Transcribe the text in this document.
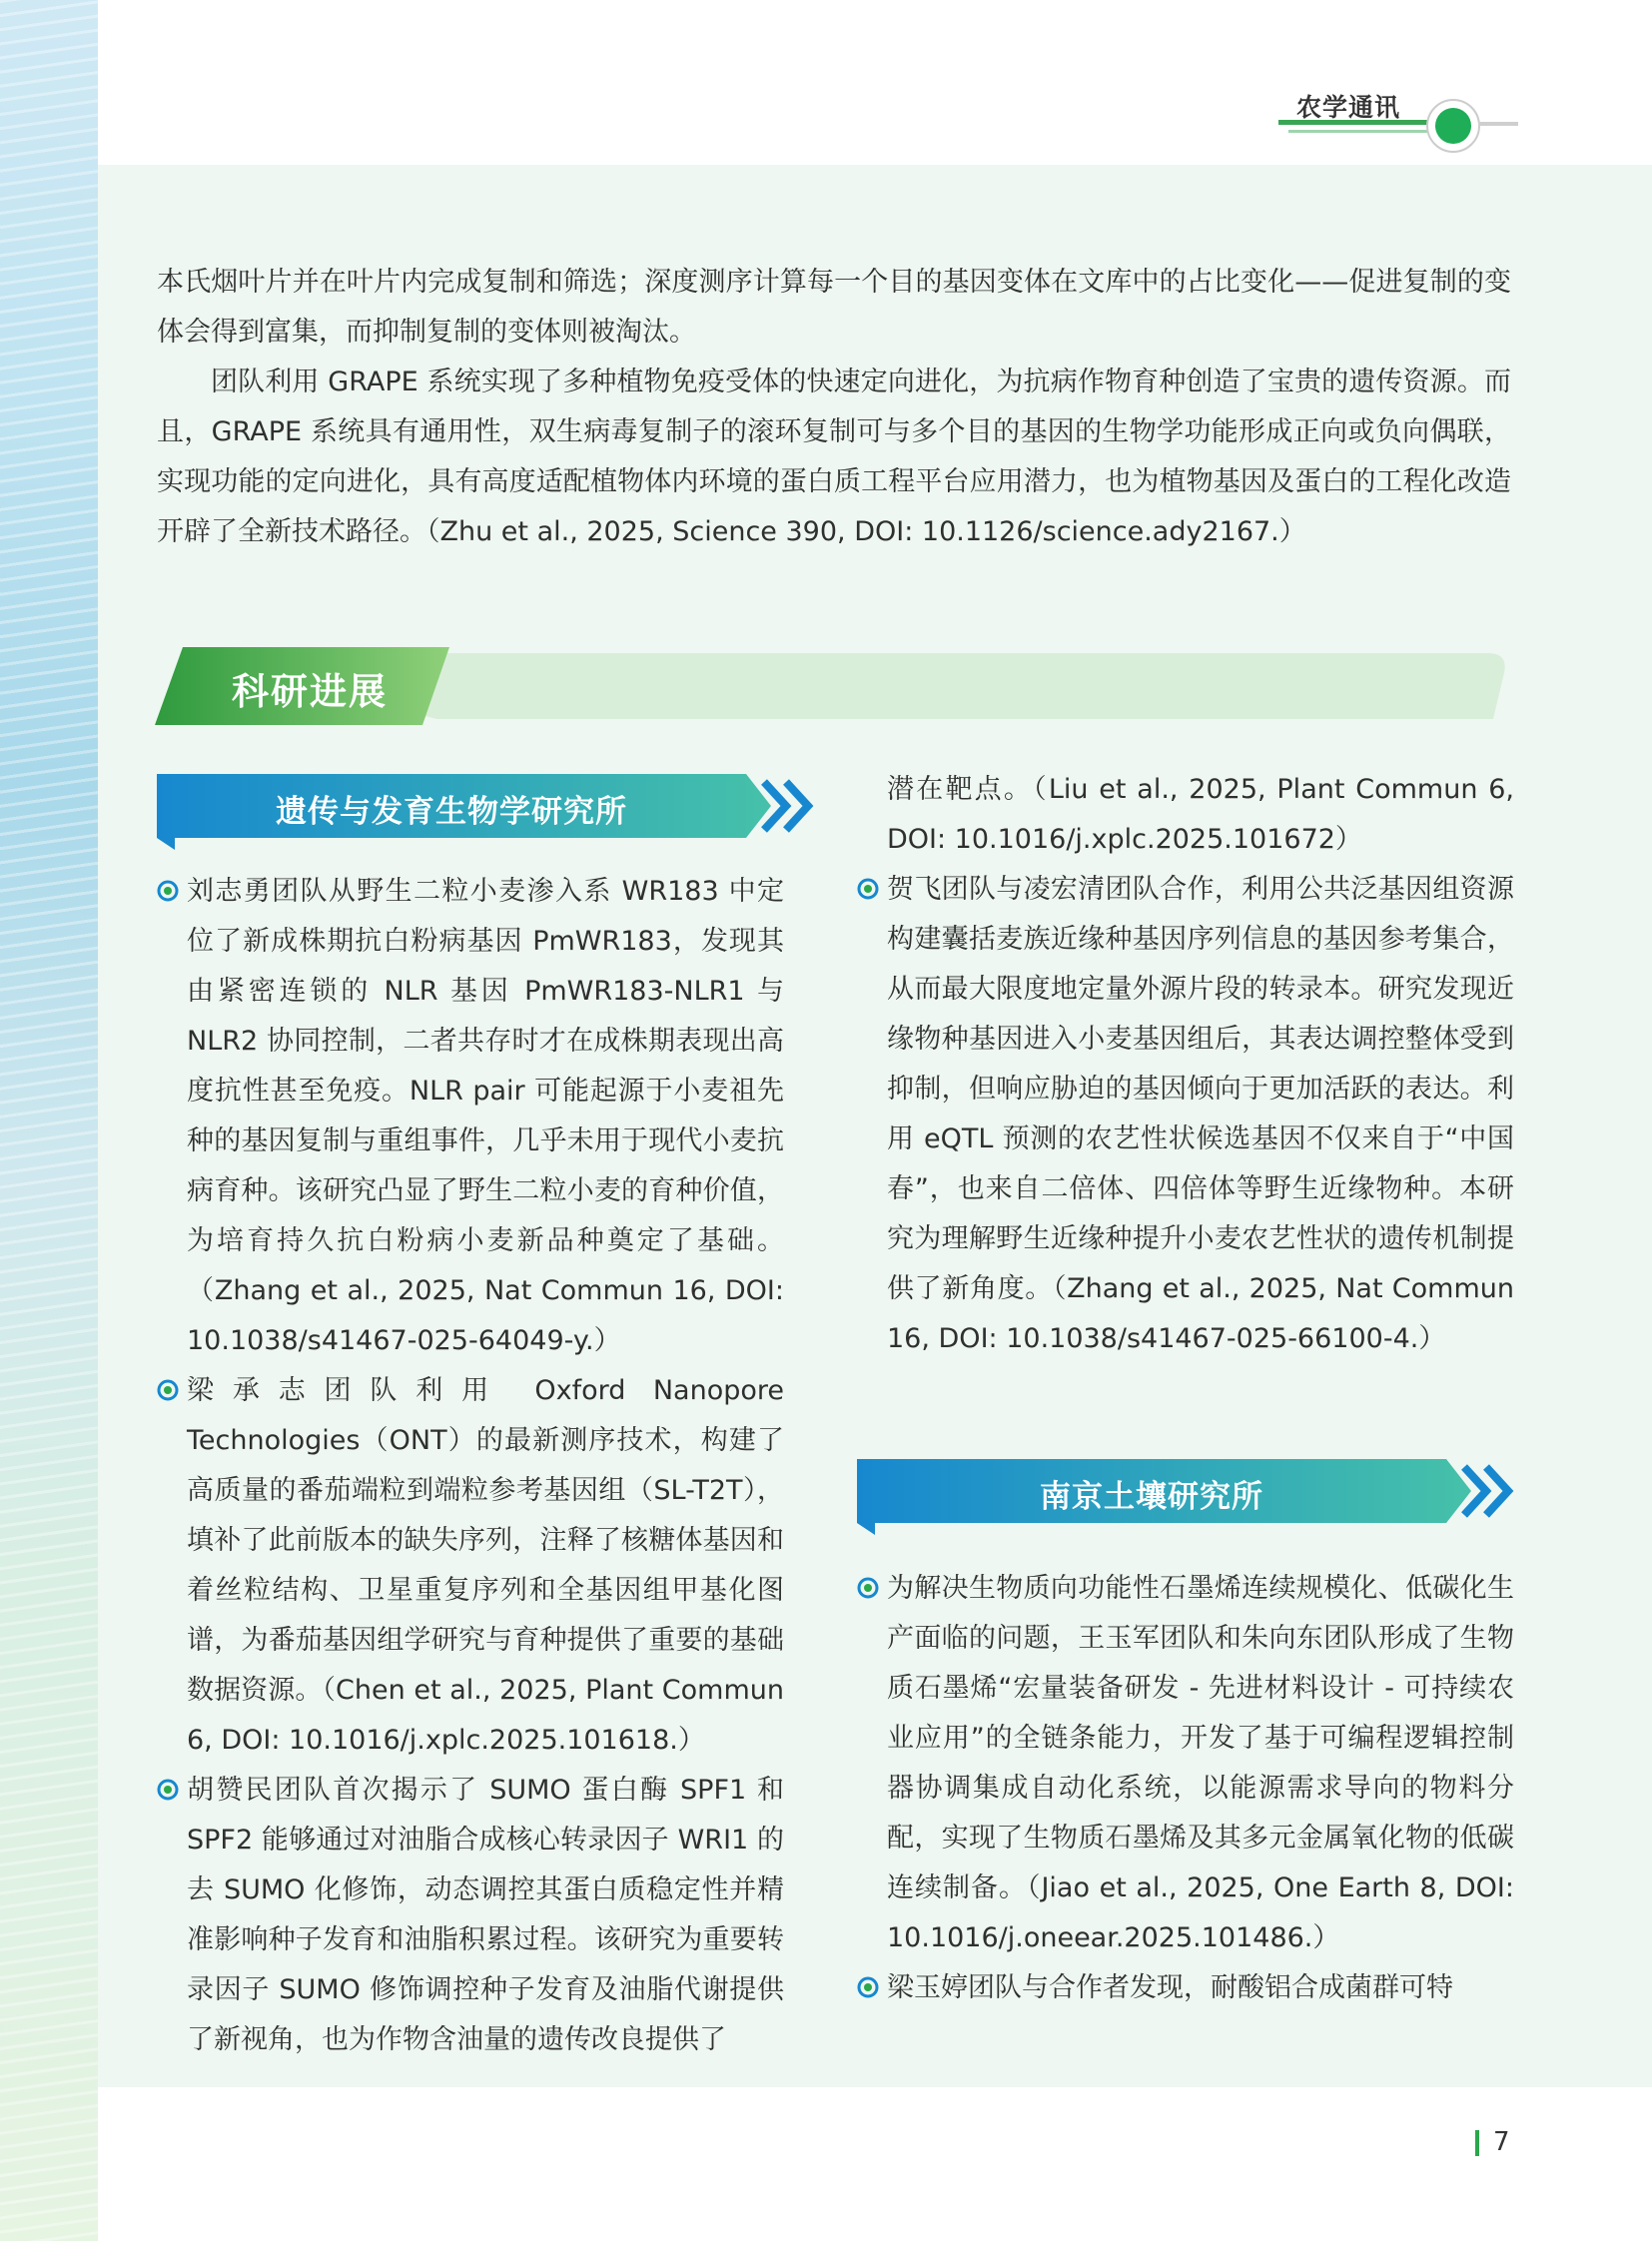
农学通讯

本氏烟叶片并在叶片内完成复制和筛选；深度测序计算每一个目的基因变体在文库中的占比变化——促进复制的变体会得到富集，而抑制复制的变体则被淘汰。

团队利用 GRAPE 系统实现了多种植物免疫受体的快速定向进化，为抗病作物育种创造了宝贵的遗传资源。而且，GRAPE 系统具有通用性，双生病毒复制子的滚环复制可与多个目的基因的生物学功能形成正向或负向偶联，实现功能的定向进化，具有高度适配植物体内环境的蛋白质工程平台应用潜力，也为植物基因及蛋白的工程化改造开辟了全新技术路径。（Zhu et al., 2025, Science 390, DOI: 10.1126/science.ady2167.）

科研进展
遗传与发育生物学研究所

刘志勇团队从野生二粒小麦渗入系 WR183 中定位了新成株期抗白粉病基因 PmWR183，发现其由紧密连锁的 NLR 基因 PmWR183-NLR1 与 NLR2 协同控制，二者共存时才在成株期表现出高度抗性甚至免疫。NLR pair 可能起源于小麦祖先种的基因复制与重组事件，几乎未用于现代小麦抗病育种。该研究凸显了野生二粒小麦的育种价值，为培育持久抗白粉病小麦新品种奠定了基础。（Zhang et al., 2025, Nat Commun 16, DOI: 10.1038/s41467-025-64049-y.）

梁承志团队利用 Oxford Nanopore Technologies（ONT）的最新测序技术，构建了高质量的番茄端粒到端粒参考基因组（SL-T2T），填补了此前版本的缺失序列，注释了核糖体基因和着丝粒结构、卫星重复序列和全基因组甲基化图谱，为番茄基因组学研究与育种提供了重要的基础数据资源。（Chen et al., 2025, Plant Commun 6, DOI: 10.1016/j.xplc.2025.101618.）

胡赞民团队首次揭示了 SUMO 蛋白酶 SPF1 和 SPF2 能够通过对油脂合成核心转录因子 WRI1 的去 SUMO 化修饰，动态调控其蛋白质稳定性并精准影响种子发育和油脂积累过程。该研究为重要转录因子 SUMO 修饰调控种子发育及油脂代谢提供了新视角，也为作物含油量的遗传改良提供了

潜在靶点。（Liu et al., 2025, Plant Commun 6, DOI: 10.1016/j.xplc.2025.101672）

贺飞团队与凌宏清团队合作，利用公共泛基因组资源构建囊括麦族近缘种基因序列信息的基因参考集合，从而最大限度地定量外源片段的转录本。研究发现近缘物种基因进入小麦基因组后，其表达调控整体受到抑制，但响应胁迫的基因倾向于更加活跃的表达。利用 eQTL 预测的农艺性状候选基因不仅来自于“中国春”，也来自二倍体、四倍体等野生近缘物种。本研究为理解野生近缘种提升小麦农艺性状的遗传机制提供了新角度。（Zhang et al., 2025, Nat Commun 16, DOI: 10.1038/s41467-025-66100-4.）

南京土壤研究所

为解决生物质向功能性石墨烯连续规模化、低碳化生产面临的问题，王玉军团队和朱向东团队形成了生物质石墨烯“宏量装备研发 - 先进材料设计 - 可持续农业应用”的全链条能力，开发了基于可编程逻辑控制器协调集成自动化系统，以能源需求导向的物料分配，实现了生物质石墨烯及其多元金属氧化物的低碳连续制备。（Jiao et al., 2025, One Earth 8, DOI: 10.1016/j.oneear.2025.101486.）

梁玉婷团队与合作者发现，耐酸铝合成菌群可特

7
